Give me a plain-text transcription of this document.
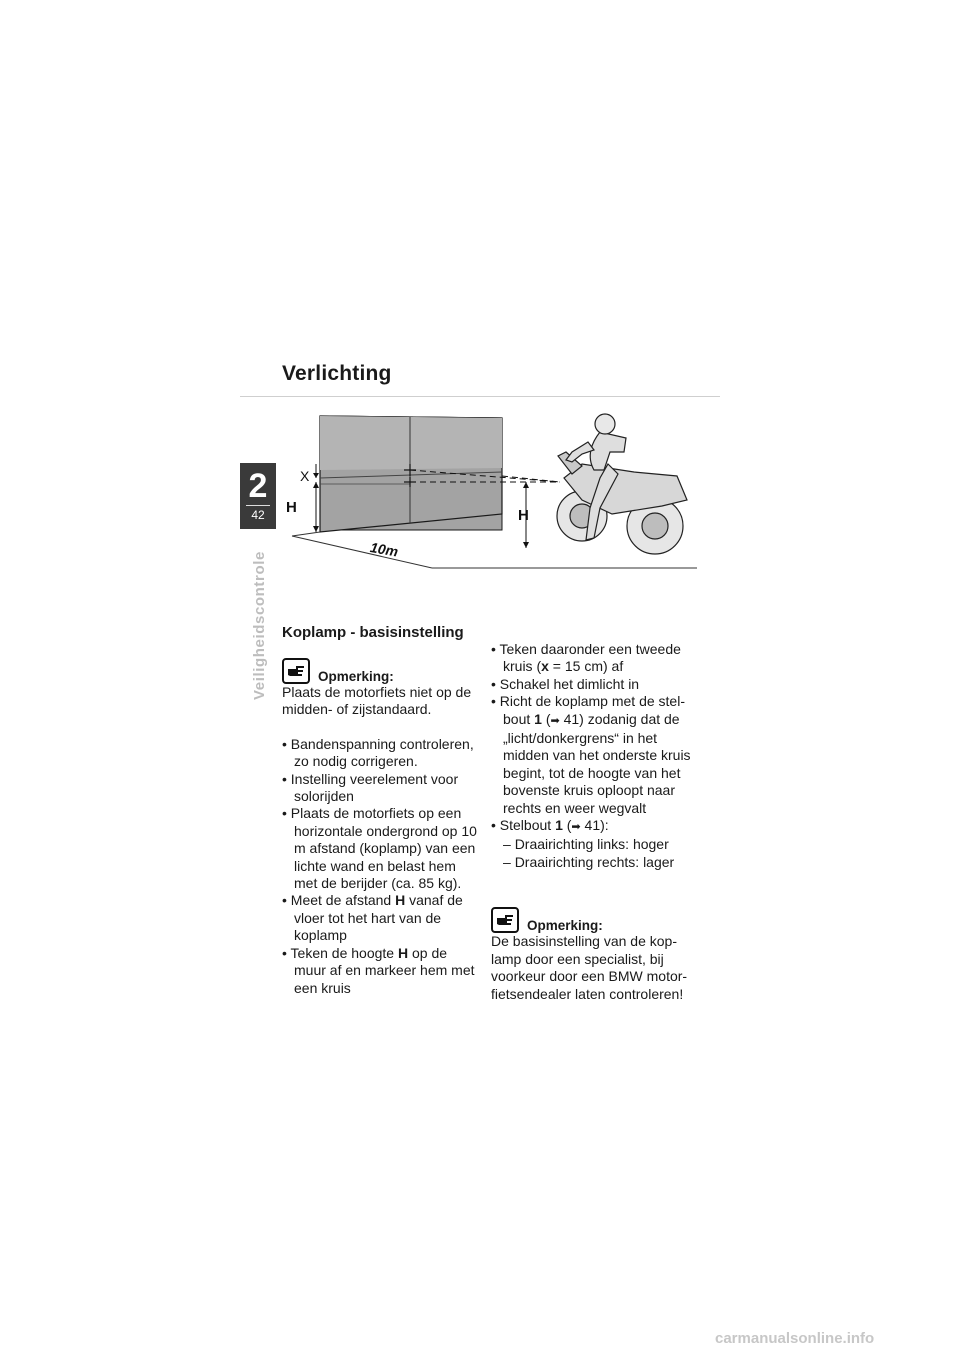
Verlichting
2
42
Veiligheidscontrole
X
H	H
10m
Koplamp - basisinstelling
Opmerking:

Plaats de motorfiets niet op de midden- of zijstandaard.

• Bandenspanning controleren, zo nodig corrigeren.
• Instelling veerelement voor solorijden
• Plaats de motorfiets op een horizontale ondergrond op 10 m afstand (koplamp) van een lichte wand en belast hem met de berijder (ca. 85 kg).
• Meet de afstand H vanaf de vloer tot het hart van de koplamp
• Teken de hoogte H op de muur af en markeer hem met een kruis
• Teken daaronder een tweede kruis (x = 15 cm) af
• Schakel het dimlicht in
• Richt de koplamp met de stel-bout 1 (➡ 41) zodanig dat de „licht/donkergrens“ in het midden van het onderste kruis begint, tot de hoogte van het bovenste kruis oploopt naar rechts en weer wegvalt
• Stelbout 1 (➡ 41):
– Draairichting links: hoger
– Draairichting rechts: lager
Opmerking:

De basisinstelling van de kop-lamp door een specialist, bij voorkeur door een BMW motor-fietsendealer laten controleren!

carmanualsonline.info
